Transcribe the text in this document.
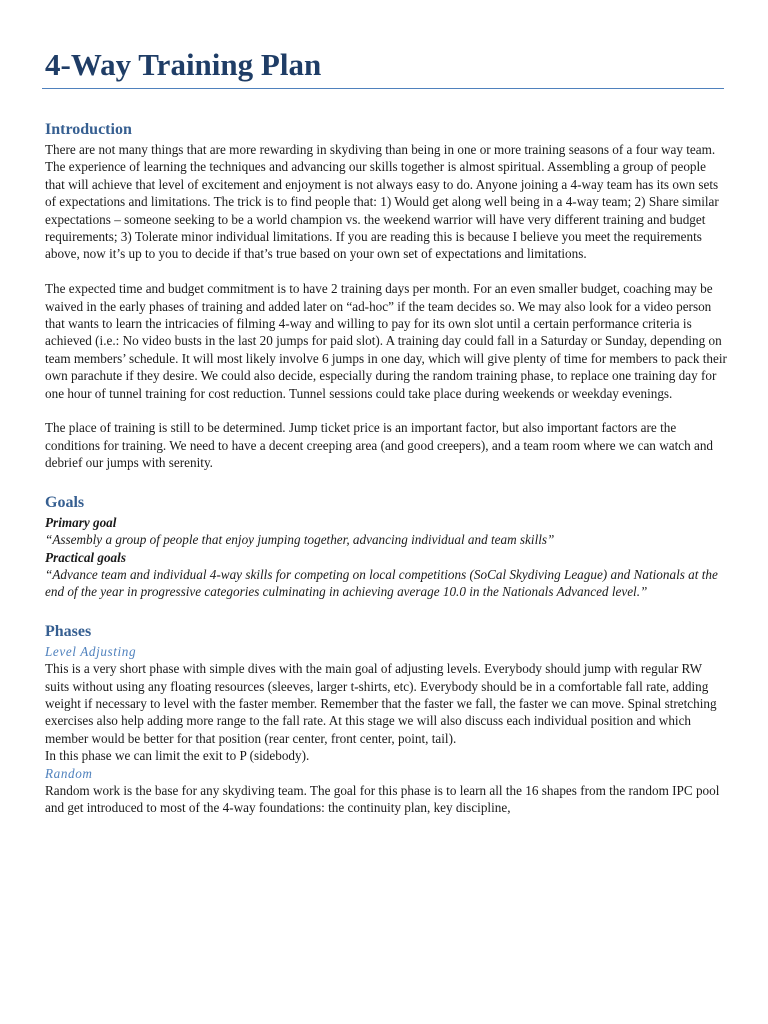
4-Way Training Plan
Introduction

There are not many things that are more rewarding in skydiving than being in one or more training seasons of a four way team. The experience of learning the techniques and advancing our skills together is almost spiritual. Assembling a group of people that will achieve that level of excitement and enjoyment is not always easy to do. Anyone joining a 4-way team has its own sets of expectations and limitations. The trick is to find people that: 1) Would get along well being in a 4-way team; 2) Share similar expectations – someone seeking to be a world champion vs. the weekend warrior will have very different training and budget requirements; 3) Tolerate minor individual limitations. If you are reading this is because I believe you meet the requirements above, now it’s up to you to decide if that’s true based on your own set of expectations and limitations.

The expected time and budget commitment is to have 2 training days per month. For an even smaller budget, coaching may be waived in the early phases of training and added later on “ad-hoc” if the team decides so. We may also look for a video person that wants to learn the intricacies of filming 4-way and willing to pay for its own slot until a certain performance criteria is achieved (i.e.: No video busts in the last 20 jumps for paid slot). A training day could fall in a Saturday or Sunday, depending on team members’ schedule. It will most likely involve 6 jumps in one day, which will give plenty of time for members to pack their own parachute if they desire. We could also decide, especially during the random training phase, to replace one training day for one hour of tunnel training for cost reduction. Tunnel sessions could take place during weekends or weekday evenings.

The place of training is still to be determined. Jump ticket price is an important factor, but also important factors are the conditions for training. We need to have a decent creeping area (and good creepers), and a team room where we can watch and debrief our jumps with serenity.

Goals
Primary goal
“Assembly a group of people that enjoy jumping together, advancing individual and team skills”
Practical goals
“Advance team and individual 4-way skills for competing on local competitions (SoCal Skydiving League) and Nationals at the end of the year in progressive categories culminating in achieving average 10.0 in the Nationals Advanced level.”
Phases
Level Adjusting

This is a very short phase with simple dives with the main goal of adjusting levels. Everybody should jump with regular RW suits without using any floating resources (sleeves, larger t-shirts, etc). Everybody should be in a comfortable fall rate, adding weight if necessary to level with the faster member. Remember that the faster we fall, the faster we can move. Spinal stretching exercises also help adding more range to the fall rate. At this stage we will also discuss each individual position and which member would be better for that position (rear center, front center, point, tail).

In this phase we can limit the exit to P (sidebody).

Random

Random work is the base for any skydiving team. The goal for this phase is to learn all the 16 shapes from the random IPC pool and get introduced to most of the 4-way foundations: the continuity plan, key discipline,
